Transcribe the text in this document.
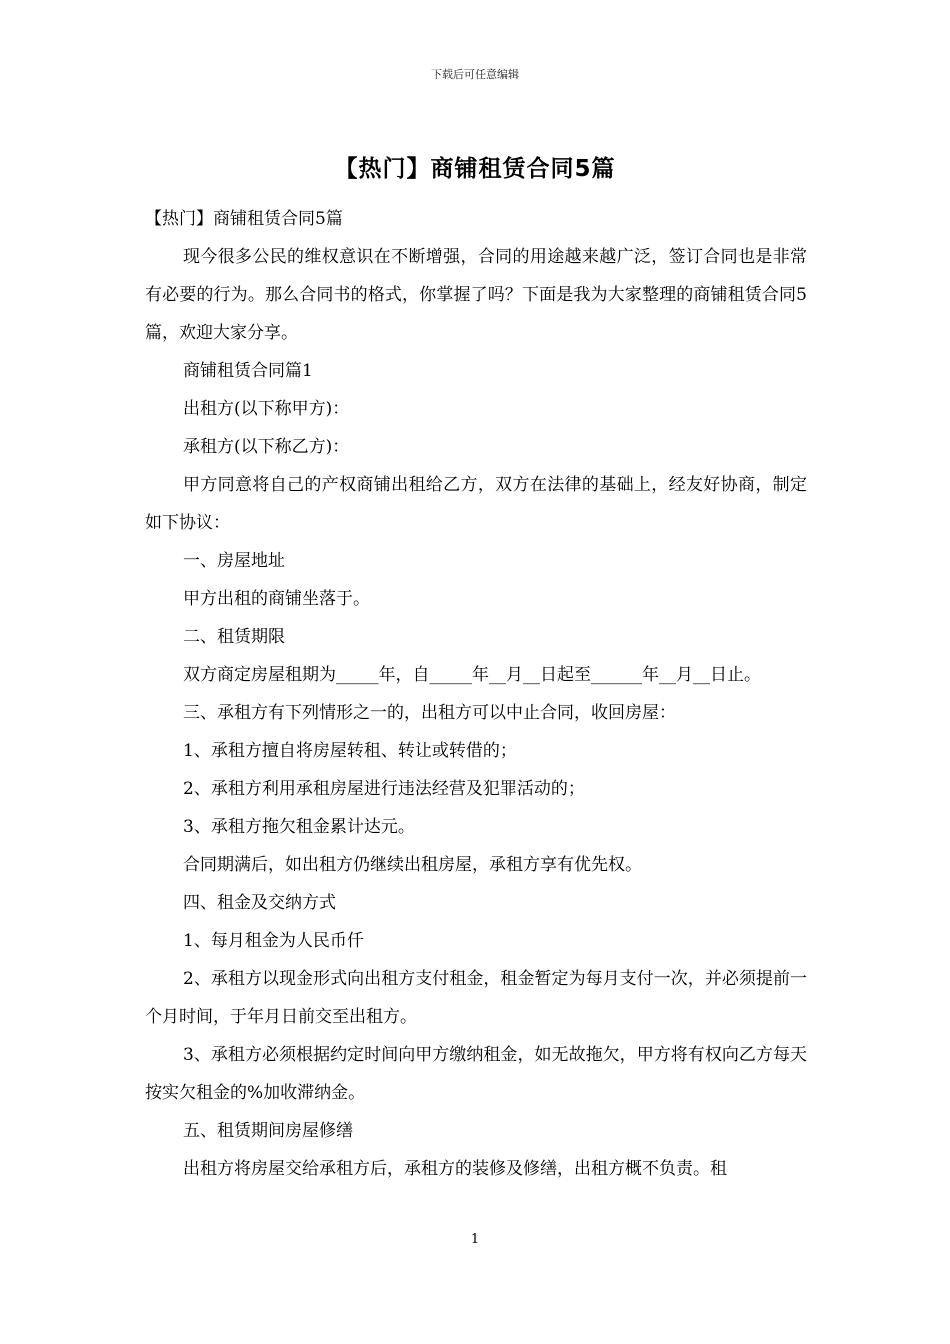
下载后可任意编辑
【热门】商铺租赁合同5篇

【热门】商铺租赁合同5篇

现今很多公民的维权意识在不断增强，合同的用途越来越广泛，签订合同也是非常有必要的行为。那么合同书的格式，你掌握了吗？下面是我为大家整理的商铺租赁合同5篇，欢迎大家分享。

商铺租赁合同篇1

出租方(以下称甲方)：

承租方(以下称乙方)：

甲方同意将自己的产权商铺出租给乙方，双方在法律的基础上，经友好协商，制定如下协议：

一、房屋地址

甲方出租的商铺坐落于。

二、租赁期限

双方商定房屋租期为_____年，自_____年__月__日起至______年__月__日止。

三、承租方有下列情形之一的，出租方可以中止合同，收回房屋：

1、承租方擅自将房屋转租、转让或转借的；

2、承租方利用承租房屋进行违法经营及犯罪活动的；

3、承租方拖欠租金累计达元。

合同期满后，如出租方仍继续出租房屋，承租方享有优先权。

四、租金及交纳方式

1、每月租金为人民币仟

2、承租方以现金形式向出租方支付租金，租金暂定为每月支付一次，并必须提前一个月时间，于年月日前交至出租方。

3、承租方必须根据约定时间向甲方缴纳租金，如无故拖欠，甲方将有权向乙方每天按实欠租金的%加收滞纳金。

五、租赁期间房屋修缮

出租方将房屋交给承租方后，承租方的装修及修缮，出租方概不负责。租

1
